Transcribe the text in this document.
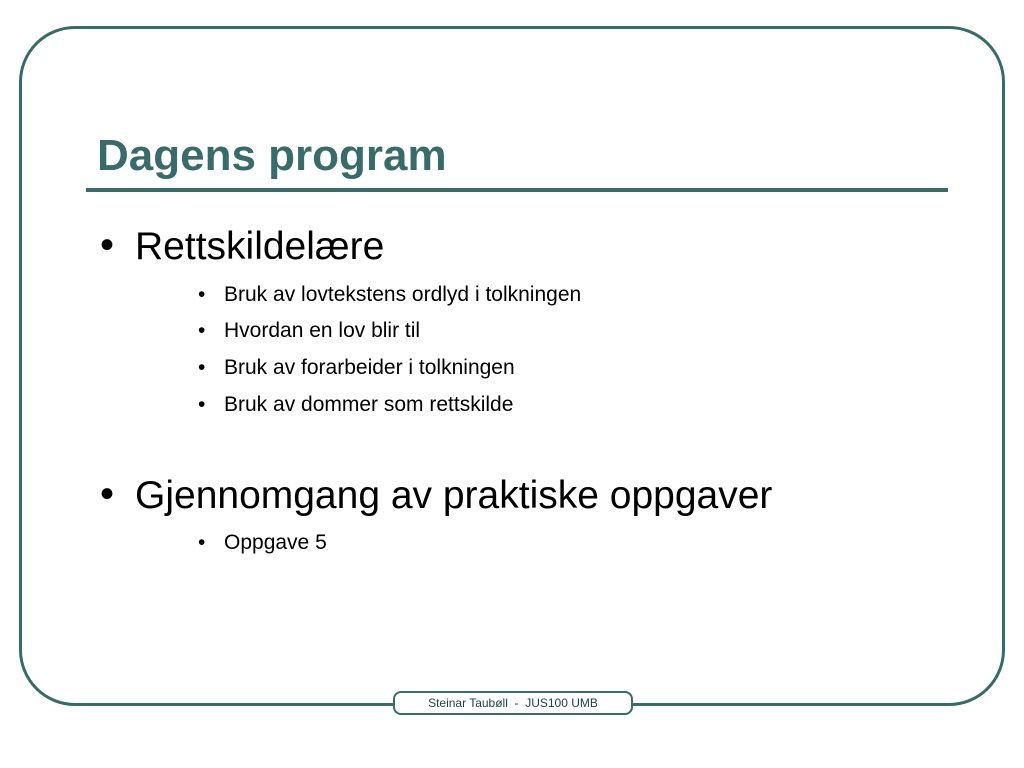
Dagens program
• Rettskildelære
• Bruk av lovtekstens ordlyd i tolkningen
• Hvordan en lov blir til
• Bruk av forarbeider i tolkningen
• Bruk av dommer som rettskilde
• Gjennomgang av praktiske oppgaver
• Oppgave 5
Steinar Taubøll  -  JUS100 UMB
